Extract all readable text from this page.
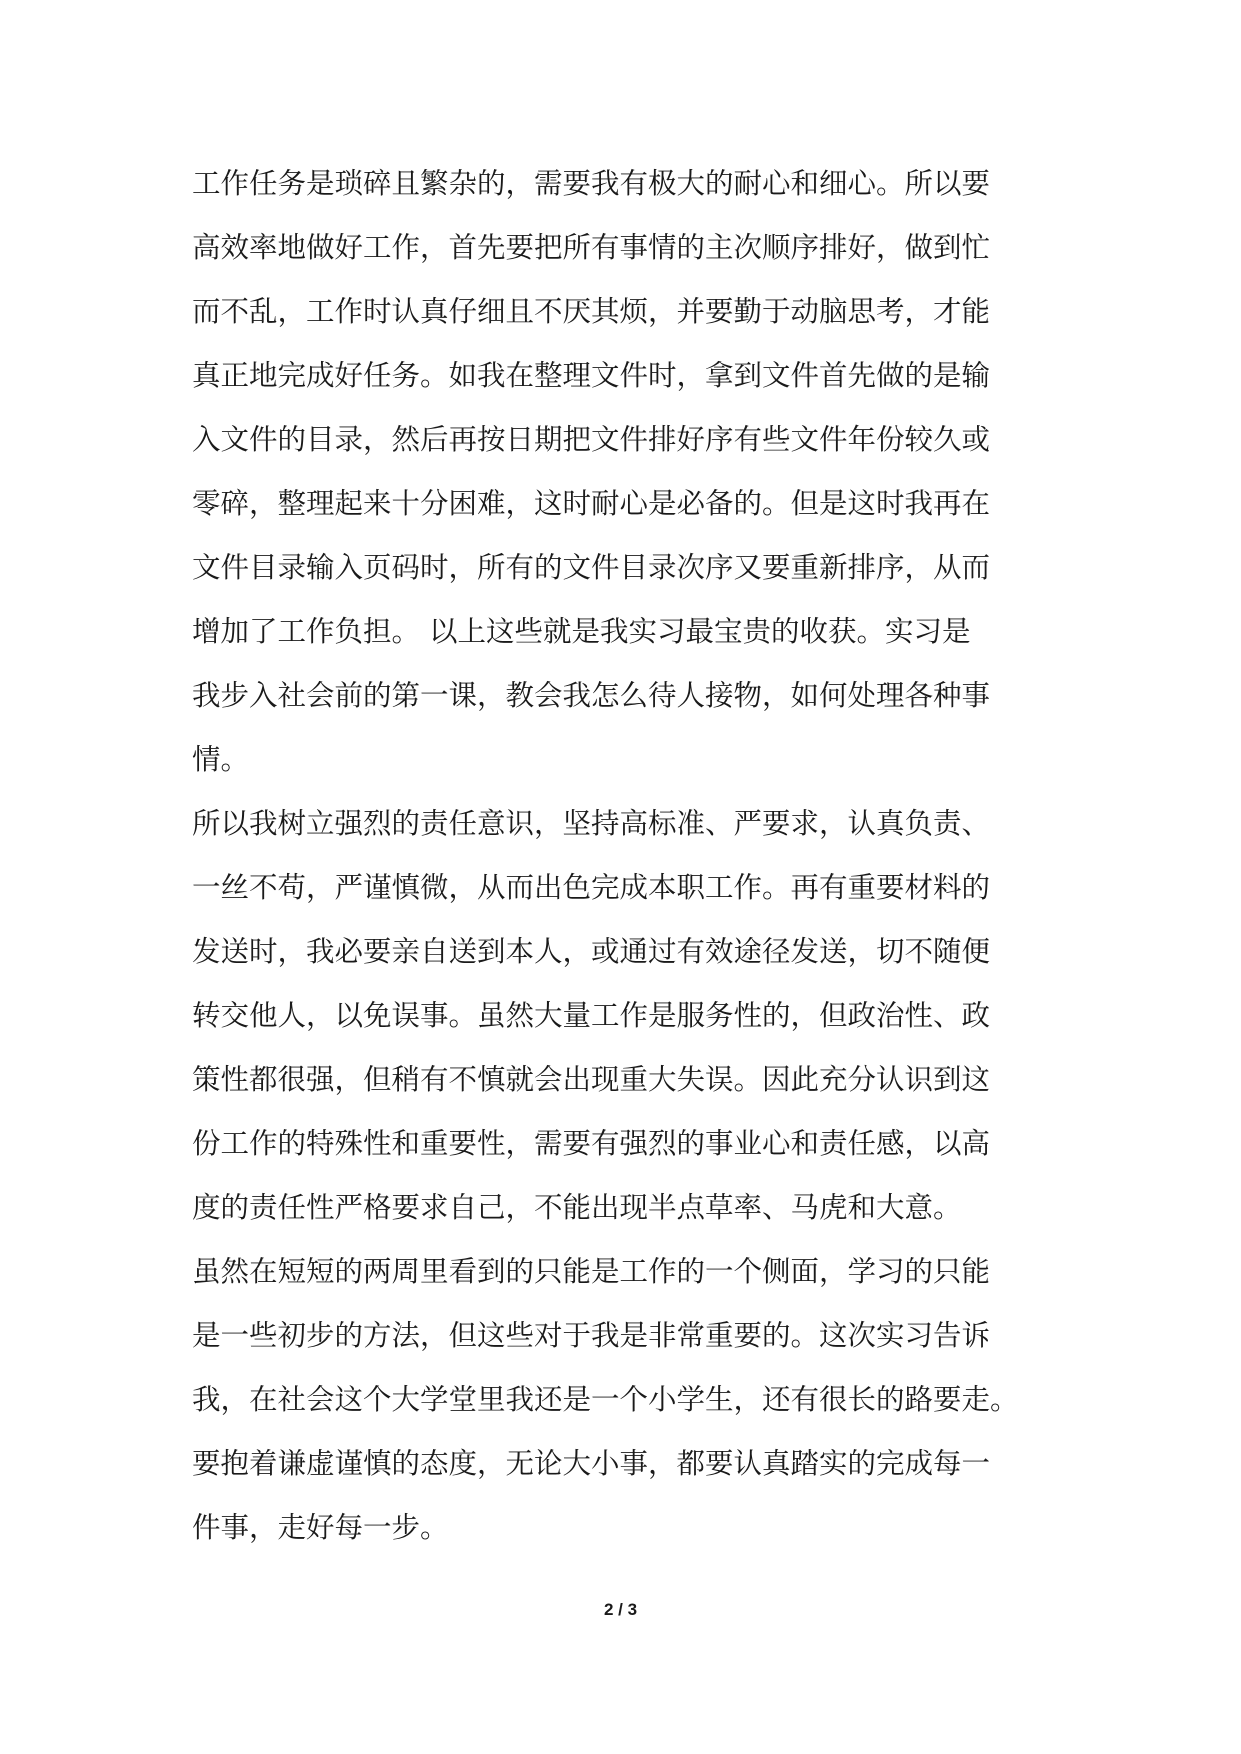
工作任务是琐碎且繁杂的，需要我有极大的耐心和细心。所以要
高效率地做好工作，首先要把所有事情的主次顺序排好，做到忙
而不乱，工作时认真仔细且不厌其烦，并要勤于动脑思考，才能
真正地完成好任务。如我在整理文件时，拿到文件首先做的是输
入文件的目录，然后再按日期把文件排好序有些文件年份较久或
零碎，整理起来十分困难，这时耐心是必备的。但是这时我再在
文件目录输入页码时，所有的文件目录次序又要重新排序，从而
增加了工作负担。 以上这些就是我实习最宝贵的收获。实习是
我步入社会前的第一课，教会我怎么待人接物，如何处理各种事
情。
所以我树立强烈的责任意识，坚持高标准、严要求，认真负责、
一丝不苟，严谨慎微，从而出色完成本职工作。再有重要材料的
发送时，我必要亲自送到本人，或通过有效途径发送，切不随便
转交他人，以免误事。虽然大量工作是服务性的，但政治性、政
策性都很强，但稍有不慎就会出现重大失误。因此充分认识到这
份工作的特殊性和重要性，需要有强烈的事业心和责任感，以高
度的责任性严格要求自己，不能出现半点草率、马虎和大意。
虽然在短短的两周里看到的只能是工作的一个侧面，学习的只能
是一些初步的方法，但这些对于我是非常重要的。这次实习告诉
我，在社会这个大学堂里我还是一个小学生，还有很长的路要走。
要抱着谦虚谨慎的态度，无论大小事，都要认真踏实的完成每一
件事，走好每一步。
2 / 3
